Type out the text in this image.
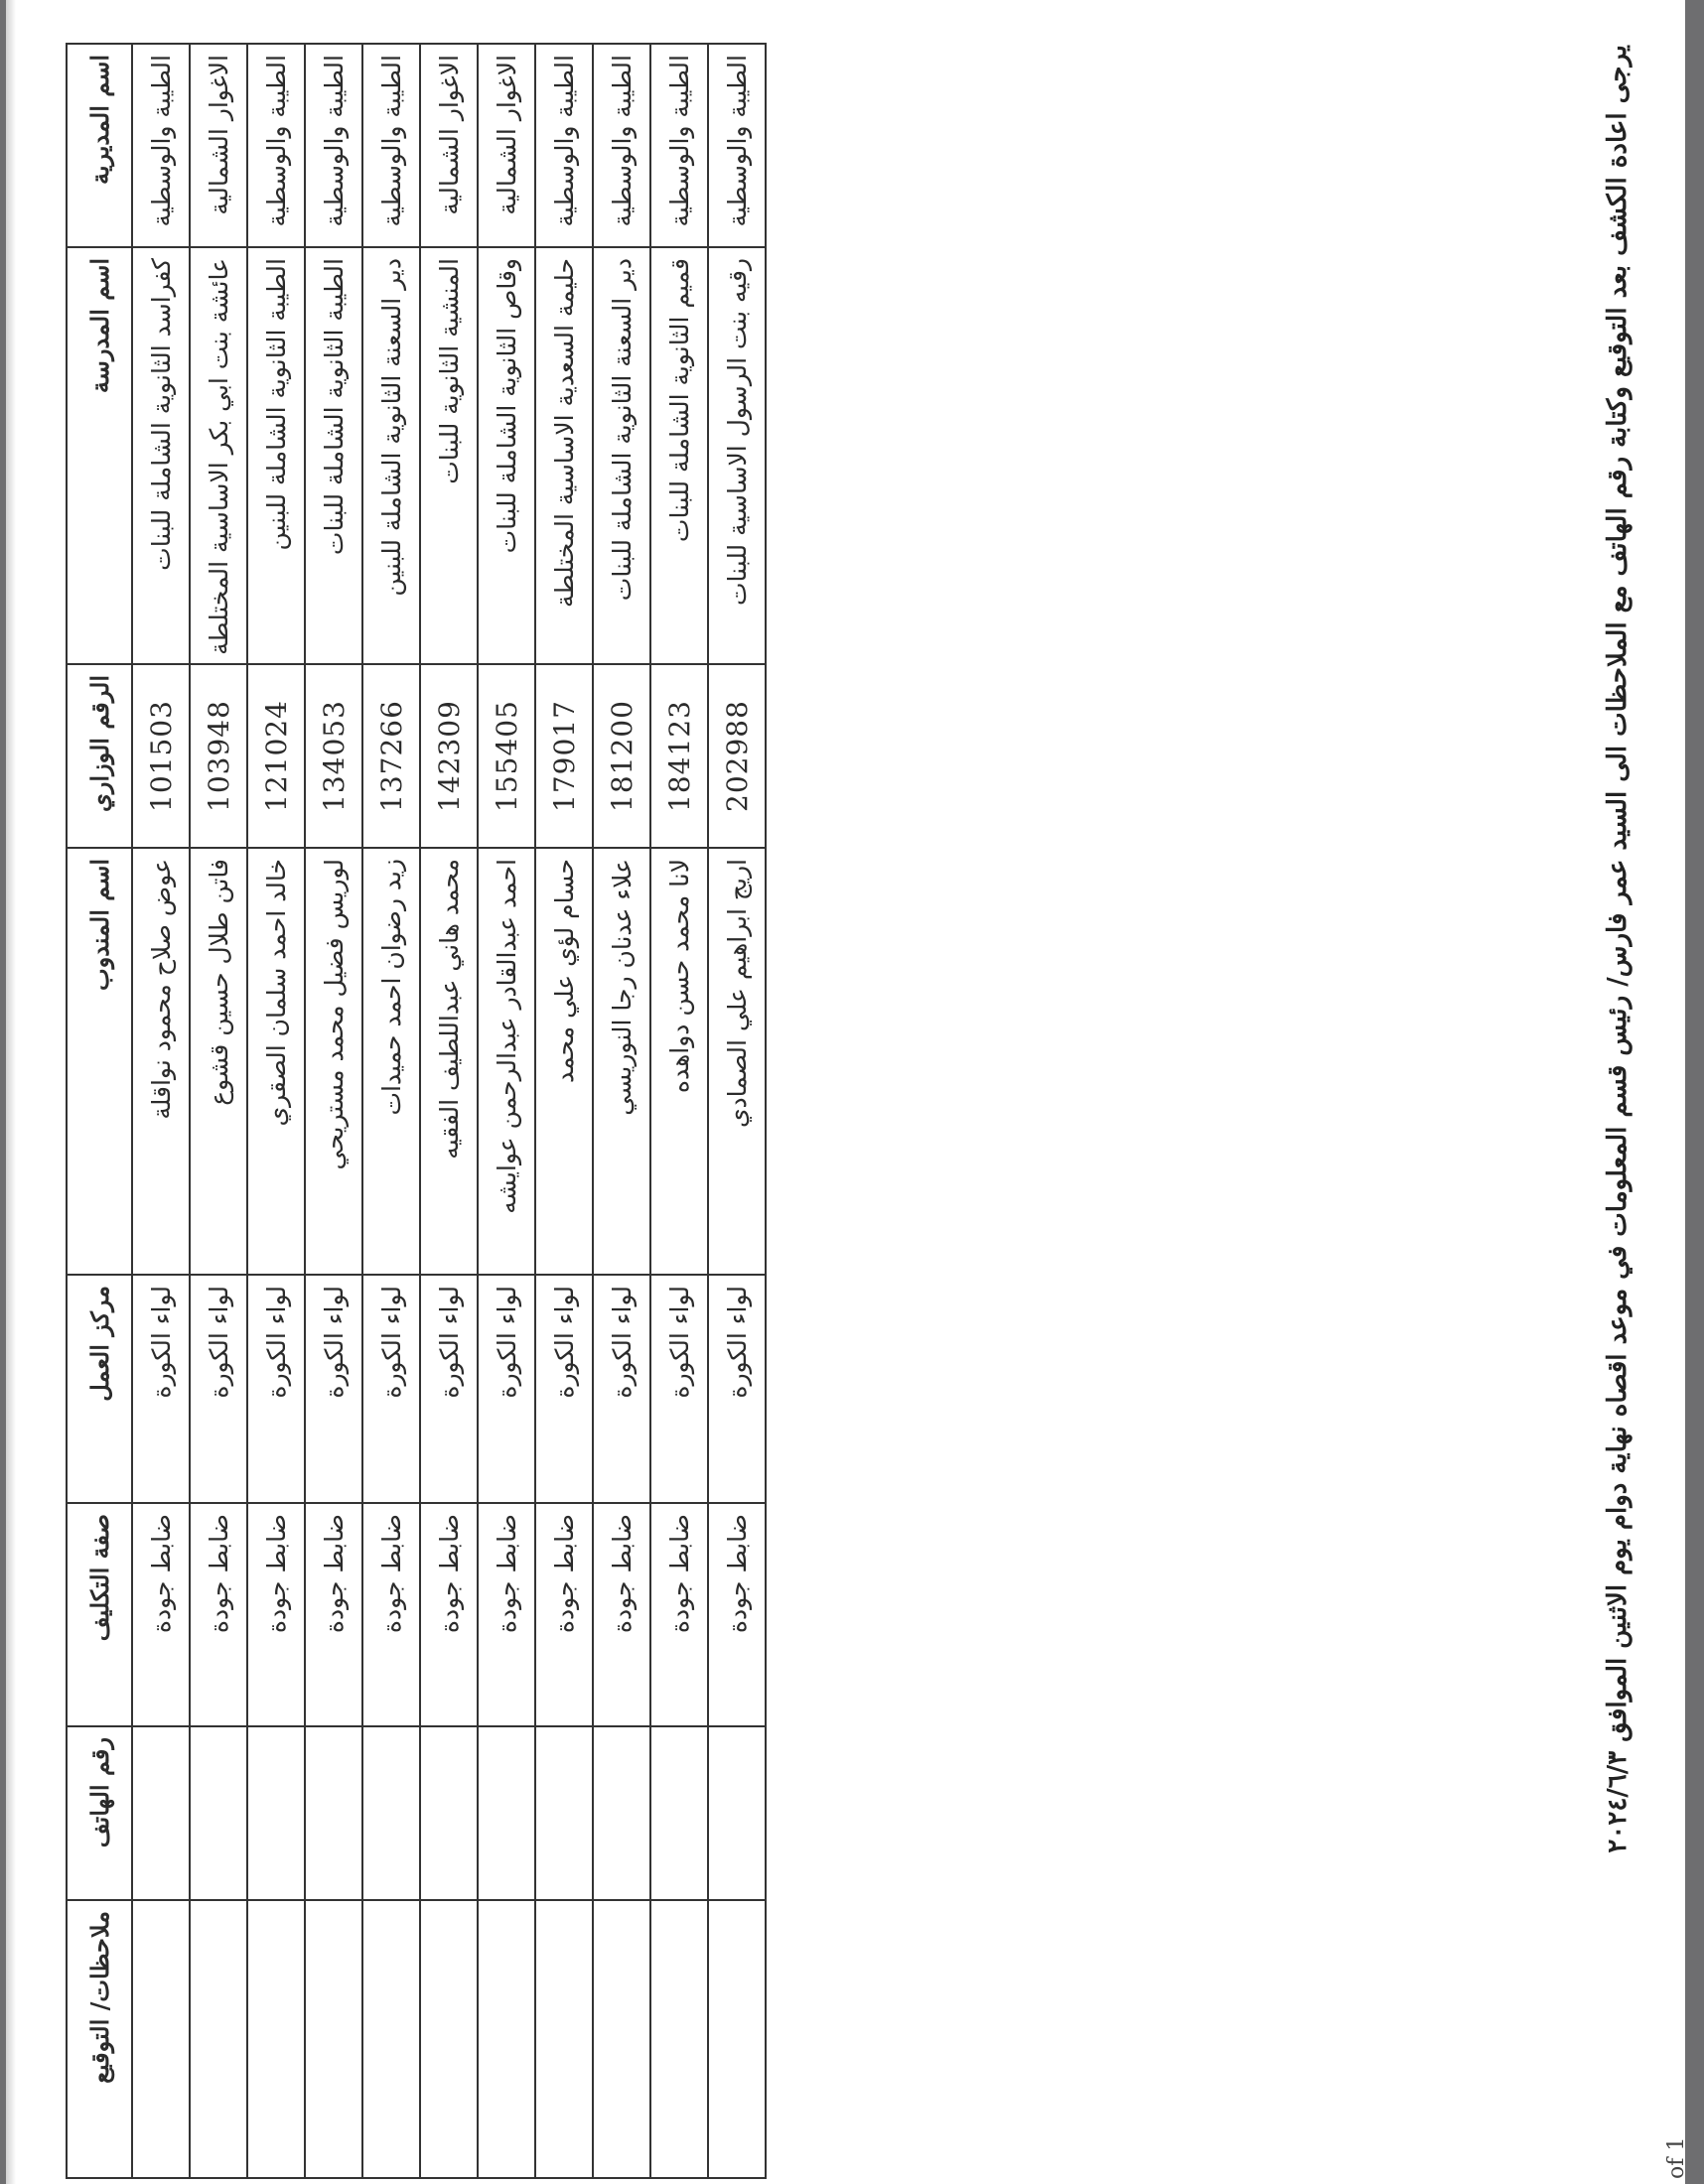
اسم المديرية	اسم المدرسة	الرقم الوزاري	اسم المندوب	مركز العمل	صفة التكليف	رقم الهاتف	ملاحظات/ التوقيع
الطيبة والوسطية	كفراسد الثانوية الشاملة للبنات	101503	عوض صلاح محمود نواقلة	لواء الكورة	ضابط جودة		
الاغوار الشمالية	عائشة بنت ابي بكر الاساسية المختلطة	103948	فاتن طلال حسين قشوع	لواء الكورة	ضابط جودة		
الطيبة والوسطية	الطيبة الثانوية الشاملة للبنين	121024	خالد احمد سلمان الصقري	لواء الكورة	ضابط جودة		
الطيبة والوسطية	الطيبة الثانوية الشاملة للبنات	134053	لوريس فضيل محمد مستريحي	لواء الكورة	ضابط جودة		
الطيبة والوسطية	دير السعنة الثانوية الشاملة للبنين	137266	زيد رضوان احمد حميدات	لواء الكورة	ضابط جودة		
الاغوار الشمالية	المنشية الثانوية للبنات	142309	محمد هاني عبداللطيف الفقيه	لواء الكورة	ضابط جودة		
الاغوار الشمالية	وقاص الثانوية الشاملة للبنات	155405	احمد عبدالقادر عبدالرحمن عوايشه	لواء الكورة	ضابط جودة		
الطيبة والوسطية	حليمة السعدية الاساسية المختلطة	179017	حسام لؤي علي محمد	لواء الكورة	ضابط جودة		
الطيبة والوسطية	دير السعنة الثانوية الشاملة للبنات	181200	علاء عدنان رجا النوريسي	لواء الكورة	ضابط جودة		
الطيبة والوسطية	قميم الثانوية الشاملة للبنات	184123	لانا محمد حسن دواهده	لواء الكورة	ضابط جودة		
الطيبة والوسطية	رقيه بنت الرسول الاساسية للبنات	202988	اريج ابراهيم علي الصمادي	لواء الكورة	ضابط جودة		
يرجى اعادة الكشف بعد التوقيع وكتابة رقم الهاتف مع الملاحظات الى السيد عمر فارس/ رئيس قسم المعلومات في موعد اقصاه نهاية دوام يوم الاثنين الموافق ٢٠٢٤/٦/٣
of 1
